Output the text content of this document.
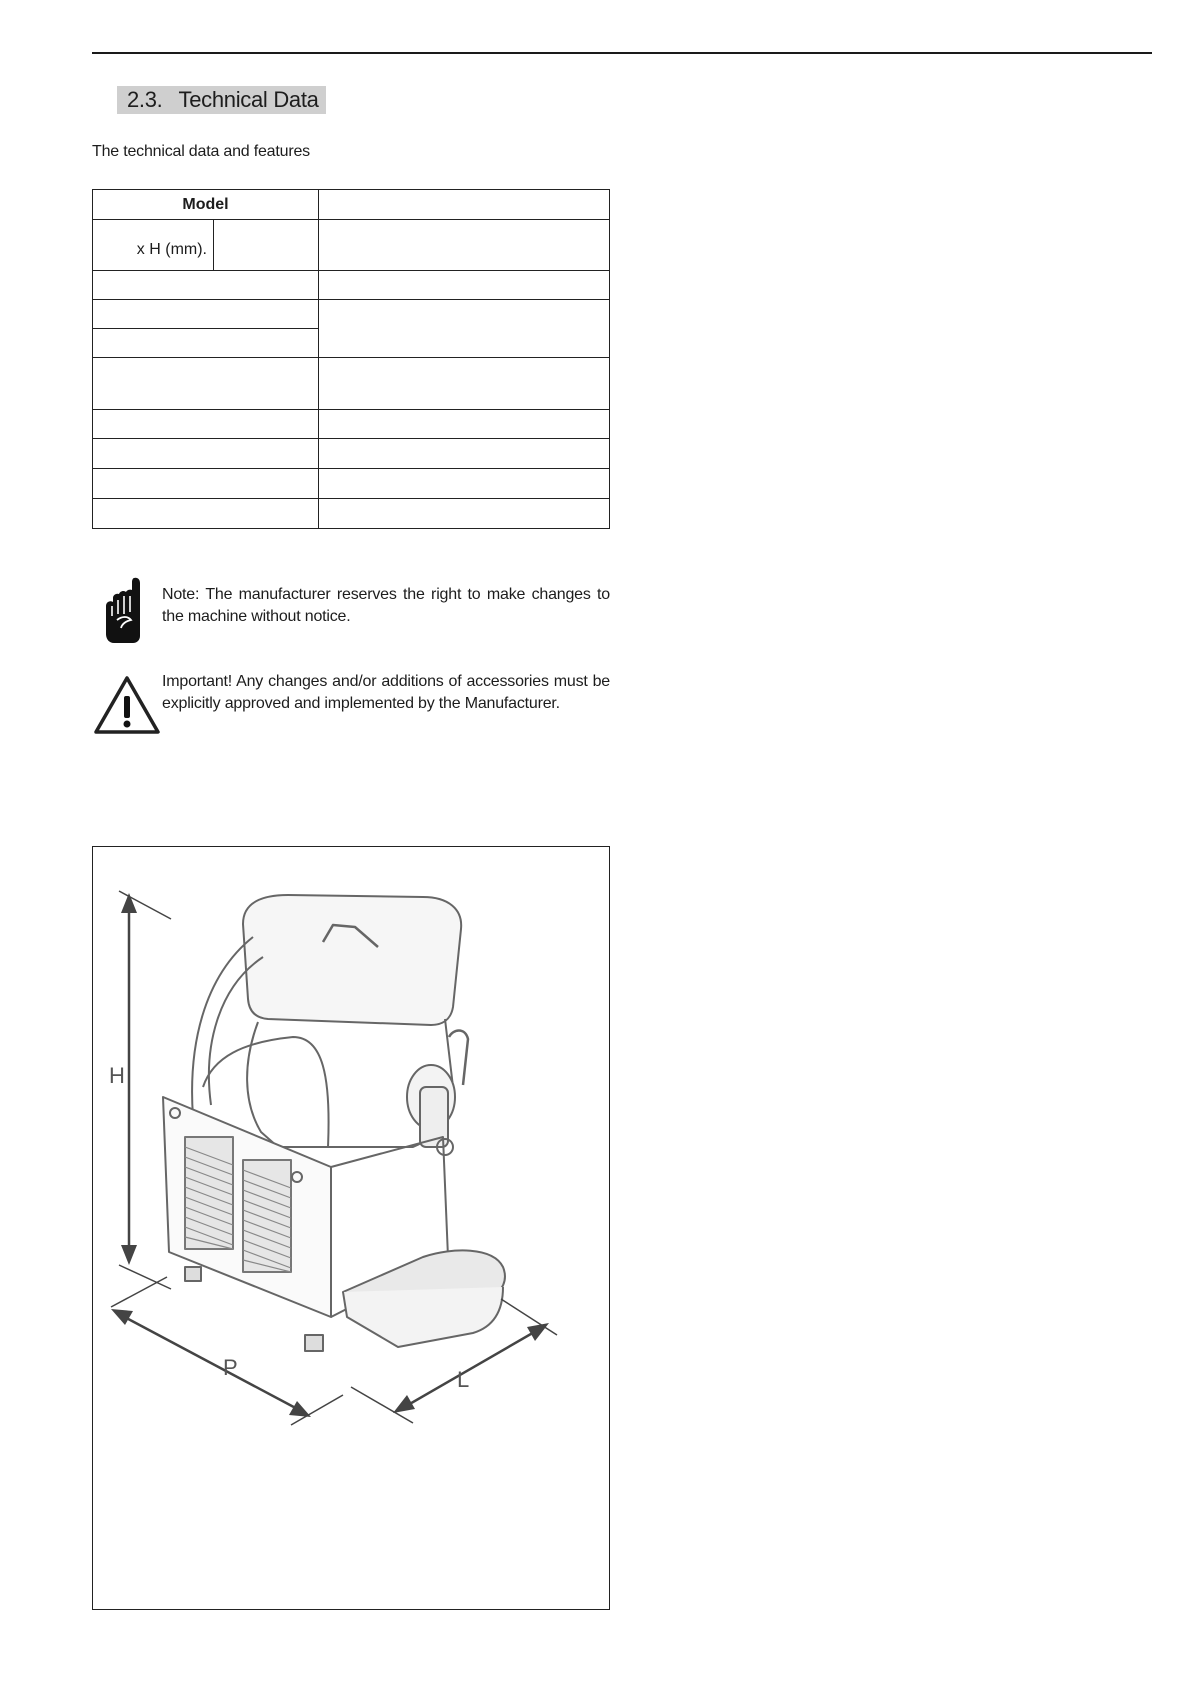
2.3. Technical Data
The technical data and features
Model
x H (mm).
Note: The manufacturer reserves the right to make changes to the machine without notice.
Important! Any changes and/or additions of accessories must be explicitly approved and implemented by the Manufacturer.
H
P	L
